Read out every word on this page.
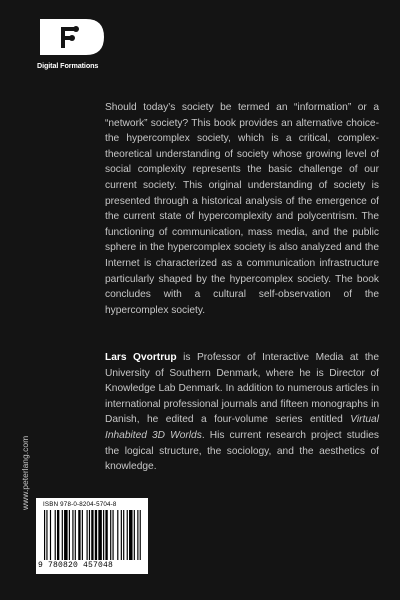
Digital Formations

Should today’s society be termed an “information” or a “network” society? This book provides an alternative choice-the hypercomplex society, which is a critical, complex-theoretical understanding of society whose growing level of social complexity represents the basic challenge of our current society. This original understanding of society is presented through a historical analysis of the emergence of the current state of hypercomplexity and polycentrism. The functioning of communication, mass media, and the public sphere in the hypercomplex society is also analyzed and the Internet is characterized as a communication infrastructure particularly shaped by the hypercomplex society. The book concludes with a cultural self-observation of the hypercomplex society.

Lars Qvortrup is Professor of Interactive Media at the University of Southern Denmark, where he is Director of Knowledge Lab Denmark. In addition to numerous articles in international professional journals and fifteen monographs in Danish, he edited a four-volume series entitled Virtual Inhabited 3D Worlds. His current research project studies the logical structure, the sociology, and the aesthetics of knowledge.

www.peterlang.com	ISBN 978-0-8204-5704-8
9 780820 457048
